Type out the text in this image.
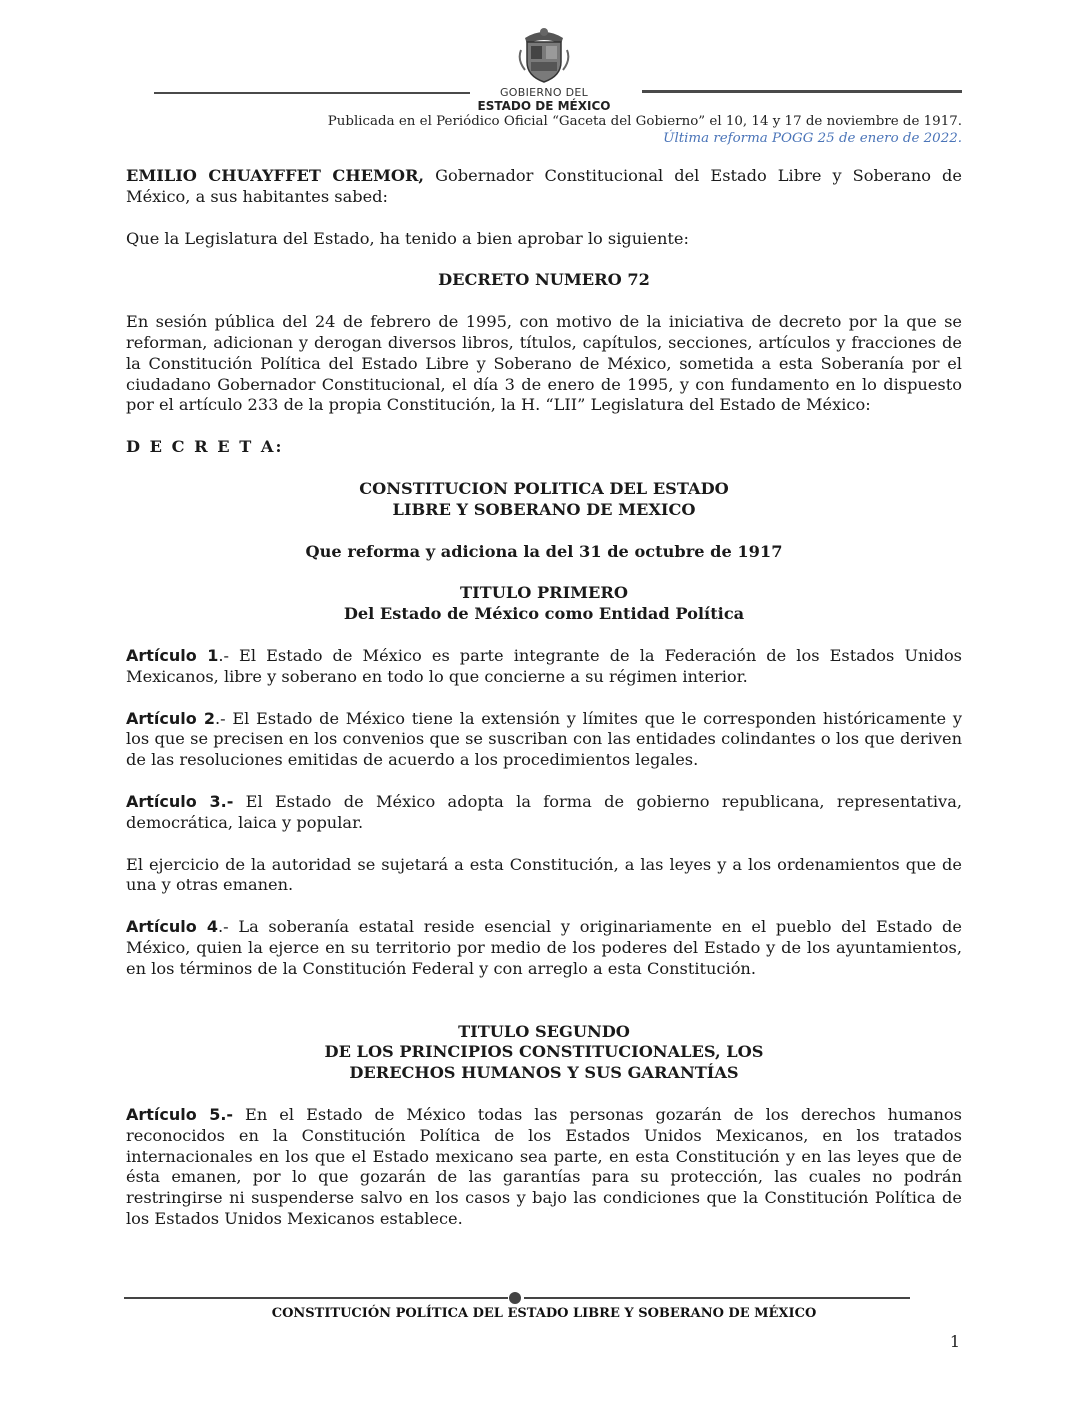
GOBIERNO DEL
ESTADO DE MÉXICO
Publicada en el Periódico Oficial “Gaceta del Gobierno” el 10, 14 y 17 de noviembre de 1917.
Última reforma POGG 25 de enero de 2022.

EMILIO CHUAYFFET CHEMOR, Gobernador Constitucional del Estado Libre y Soberano de México, a sus habitantes sabed:

Que la Legislatura del Estado, ha tenido a bien aprobar lo siguiente:

DECRETO NUMERO 72

En sesión pública del 24 de febrero de 1995, con motivo de la iniciativa de decreto por la que se reforman, adicionan y derogan diversos libros, títulos, capítulos, secciones, artículos y fracciones de la Constitución Política del Estado Libre y Soberano de México, sometida a esta Soberanía por el ciudadano Gobernador Constitucional, el día 3 de enero de 1995, y con fundamento en lo dispuesto por el artículo 233 de la propia Constitución, la H. “LII” Legislatura del Estado de México:

D E C R E T A:

CONSTITUCION POLITICA DEL ESTADO
LIBRE Y SOBERANO DE MEXICO

Que reforma y adiciona la del 31 de octubre de 1917

TITULO PRIMERO
Del Estado de México como Entidad Política

Artículo 1.- El Estado de México es parte integrante de la Federación de los Estados Unidos Mexicanos, libre y soberano en todo lo que concierne a su régimen interior.

Artículo 2.- El Estado de México tiene la extensión y límites que le corresponden históricamente y los que se precisen en los convenios que se suscriban con las entidades colindantes o los que deriven de las resoluciones emitidas de acuerdo a los procedimientos legales.

Artículo 3.- El Estado de México adopta la forma de gobierno republicana, representativa, democrática, laica y popular.

El ejercicio de la autoridad se sujetará a esta Constitución, a las leyes y a los ordenamientos que de una y otras emanen.

Artículo 4.- La soberanía estatal reside esencial y originariamente en el pueblo del Estado de México, quien la ejerce en su territorio por medio de los poderes del Estado y de los ayuntamientos, en los términos de la Constitución Federal y con arreglo a esta Constitución.

TITULO SEGUNDO
DE LOS PRINCIPIOS CONSTITUCIONALES, LOS
DERECHOS HUMANOS Y SUS GARANTÍAS

Artículo 5.- En el Estado de México todas las personas gozarán de los derechos humanos reconocidos en la Constitución Política de los Estados Unidos Mexicanos, en los tratados internacionales en los que el Estado mexicano sea parte, en esta Constitución y en las leyes que de ésta emanen, por lo que gozarán de las garantías para su protección, las cuales no podrán restringirse ni suspenderse salvo en los casos y bajo las condiciones que la Constitución Política de los Estados Unidos Mexicanos establece.

CONSTITUCIÓN POLÍTICA DEL ESTADO LIBRE Y SOBERANO DE MÉXICO
1
